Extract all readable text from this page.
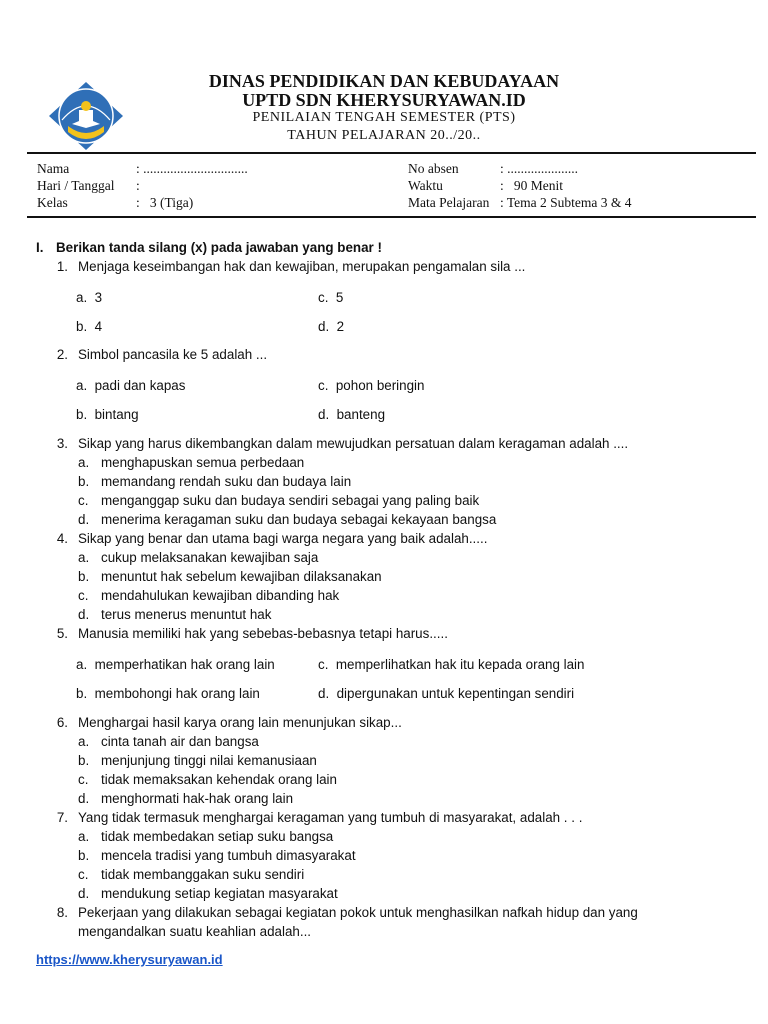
DINAS PENDIDIKAN DAN KEBUDAYAAN
UPTD SDN KHERYSURYAWAN.ID
PENILAIAN TENGAH SEMESTER (PTS)
TAHUN PELAJARAN 20../20..
Nama	: ...............................
Hari / Tanggal :
Kelas	:   3 (Tiga)
No absen	: .....................
Waktu	:   90 Menit
Mata Pelajaran : Tema 2 Subtema 3 & 4
I. Berikan tanda silang (x) pada jawaban yang benar !
1. Menjaga keseimbangan hak dan kewajiban, merupakan pengamalan sila ...
a.  3	c.  5
b.  4	d.  2
2. Simbol pancasila ke 5 adalah ...
a.  padi dan kapas	c.  pohon beringin
b.  bintang	d.  banteng
3. Sikap yang harus dikembangkan dalam mewujudkan persatuan dalam keragaman adalah ....
a. menghapuskan semua perbedaan
b. memandang rendah suku dan budaya lain
c. menganggap suku dan budaya sendiri sebagai yang paling baik
d. menerima keragaman suku dan budaya sebagai kekayaan bangsa
4. Sikap yang benar dan utama bagi warga negara yang baik adalah.....
a. cukup melaksanakan kewajiban saja
b. menuntut hak sebelum kewajiban dilaksanakan
c. mendahulukan kewajiban dibanding hak
d. terus menerus menuntut hak
5. Manusia memiliki hak yang sebebas-bebasnya tetapi harus.....
a.  memperhatikan hak orang lain	c.  memperlihatkan hak itu kepada orang lain
b.  membohongi hak orang lain	d.  dipergunakan untuk kepentingan sendiri
6. Menghargai hasil karya orang lain menunjukan sikap...
a. cinta tanah air dan bangsa
b. menjunjung tinggi nilai kemanusiaan
c. tidak memaksakan kehendak orang lain
d. menghormati hak-hak orang lain
7. Yang tidak termasuk menghargai keragaman yang tumbuh di masyarakat, adalah . . .
a. tidak membedakan setiap suku bangsa
b. mencela tradisi yang tumbuh dimasyarakat
c. tidak membanggakan suku sendiri
d. mendukung setiap kegiatan masyarakat
8. Pekerjaan yang dilakukan sebagai kegiatan pokok untuk menghasilkan nafkah hidup dan yang
mengandalkan suatu keahlian adalah...
https://www.kherysuryawan.id
